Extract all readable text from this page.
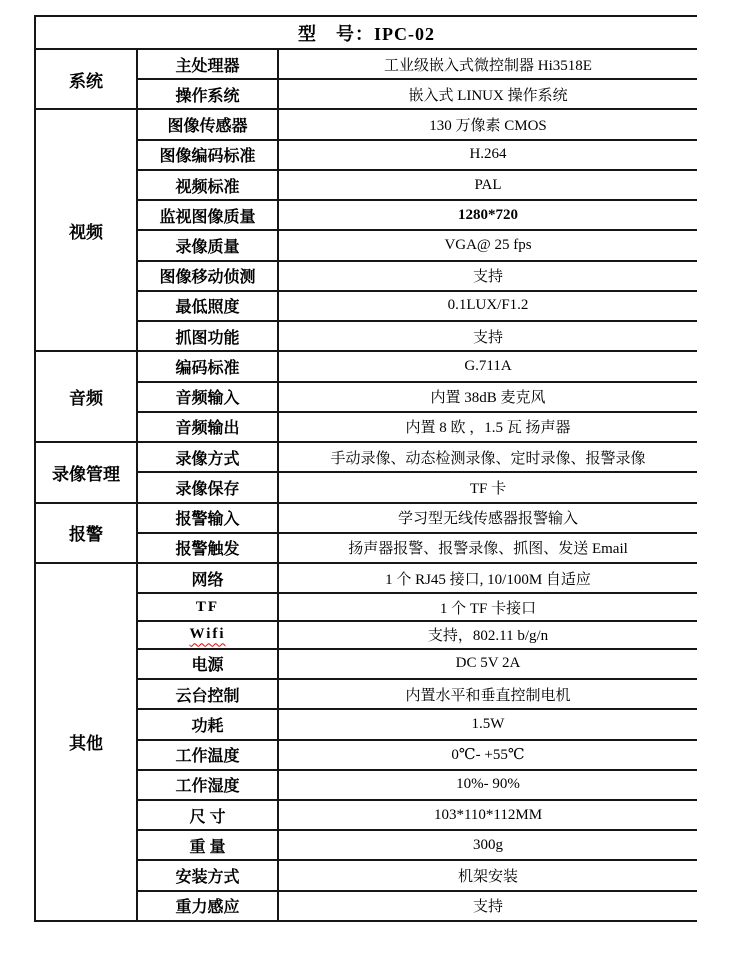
型　号：IPC-02		
系统	主处理器	工业级嵌入式微控制器 Hi3518E
	操作系统	嵌入式 LINUX 操作系统
视频	图像传感器	130 万像素 CMOS
	图像编码标准	H.264
	视频标准	PAL
	监视图像质量	1280*720
	录像质量	VGA@ 25 fps
	图像移动侦测	支持
	最低照度	0.1LUX/F1.2
	抓图功能	支持
音频	编码标准	G.711A
	音频输入	内置 38dB 麦克风
	音频输出	内置 8 欧 ，1.5 瓦 扬声器
录像管理	录像方式	手动录像、动态检测录像、定时录像、报警录像
	录像保存	TF 卡
报警	报警输入	学习型无线传感器报警输入
	报警触发	扬声器报警、报警录像、抓图、发送 Email
其他	网络	1 个 RJ45 接口, 10/100M 自适应
	TF	1 个 TF 卡接口
	Wifi	支持，802.11 b/g/n
	电源	DC 5V 2A
	云台控制	内置水平和垂直控制电机
	功耗	1.5W
	工作温度	0℃- +55℃
	工作湿度	10%- 90%
	尺 寸	103*110*112MM
	重 量	300g
	安装方式	机架安装
	重力感应	支持
